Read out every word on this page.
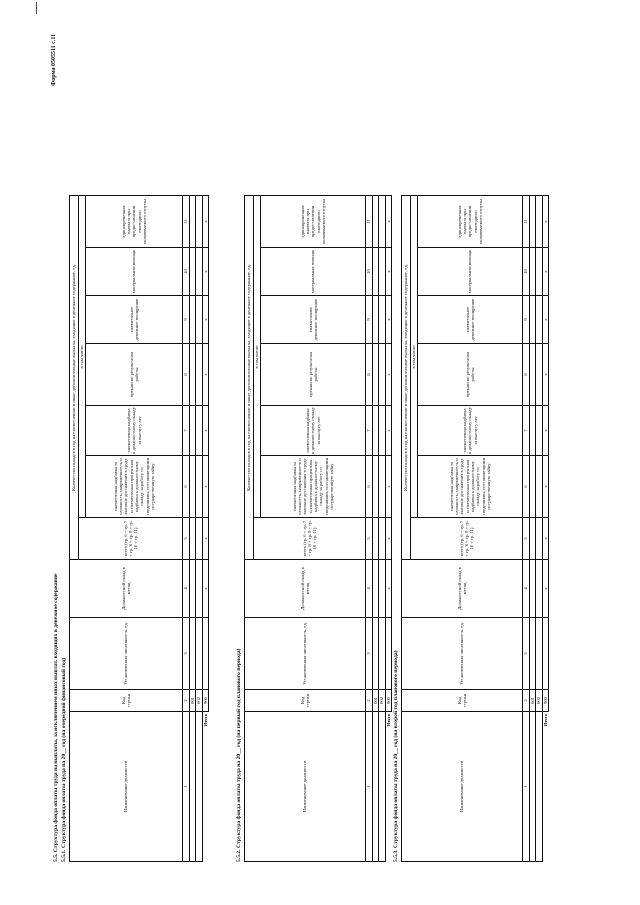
Форма 0505511 с.11
5.5. Структура фонда оплаты труда на выплаты, за исключением иных выплат, входящих в денежное содержание 5.5.1. Структура фонда оплаты труда на 20__ год (на очередной финансовый год)	Наименование должности	Код строки	Установленная численность, ед.	Должностной оклад в месяц	Количество окладов в год на ежемесячные и иные дополнительные выплаты, входящие в денежное содержание, ед.						
				всего (гр. 6 + гр. 7 + гр. 8 + гр. 9 + гр. 10 + гр. 11)	в том числе:					
					ежемесячная надбавка за сложность, напряженность и высокие достижения в труде и ежемесячная процентная надбавка к должностному окладу за работу со сведениями, составляющими государственную тайну	ежемесячная надбавка к должностному окладу за выслугу лет	премии по результатам работы	ежемесячное денежное поощрение	материальная помощь	единовременная выплата при предоставлении ежегодного оплачиваемого отпуска
1	2	3	4	5	6	7	8	9	10	11
	001									
	002									
Итого	900		x	x	x	x	x	x	x	x
5.5.2. Структура фонда оплаты труда на 20__ год (на первый год планового периода)	Наименование должности	Код строки	Установленная численность, ед.	Должностной оклад в месяц	Количество окладов в год на ежемесячные и иные дополнительные выплаты, входящие в денежное содержание, ед.						
				всего (гр. 6 + гр. 7 + гр. 8 + гр. 9 + гр. 10 + гр. 11)	в том числе:					
					ежемесячная надбавка за сложность, напряженность и высокие достижения в труде и ежемесячная процентная надбавка к должностному окладу за работу со сведениями, составляющими государственную тайну	ежемесячная надбавка к должностному окладу за выслугу лет	премии по результатам работы	ежемесячное денежное поощрение	материальная помощь	единовременная выплата при предоставлении ежегодного оплачиваемого отпуска
1	2	3	4	5	6	7	8	9	10	11
	001									
	002									
Итого	900		x	x	x	x	x	x	x	x
5.5.3. Структура фонда оплаты труда на 20__ год (на второй год планового периода)	Наименование должности	Код строки	Установленная численность, ед.	Должностной оклад в месяц	Количество окладов в год на ежемесячные и иные дополнительные выплаты, входящие в денежное содержание, ед.						
				всего (гр. 6 + гр. 7 + гр. 8 + гр. 9 + гр. 10 + гр. 11)	в том числе:					
					ежемесячная надбавка за сложность, напряженность и высокие достижения в труде и ежемесячная процентная надбавка к должностному окладу за работу со сведениями, составляющими государственную тайну	ежемесячная надбавка к должностному окладу за выслугу лет	премии по результатам работы	ежемесячное денежное поощрение	материальная помощь	единовременная выплата при предоставлении ежегодного оплачиваемого отпуска
1	2	3	4	5	6	7	8	9	10	11
	001									
	002									
Итого	900		x	x	x	x	x	x	x	x
